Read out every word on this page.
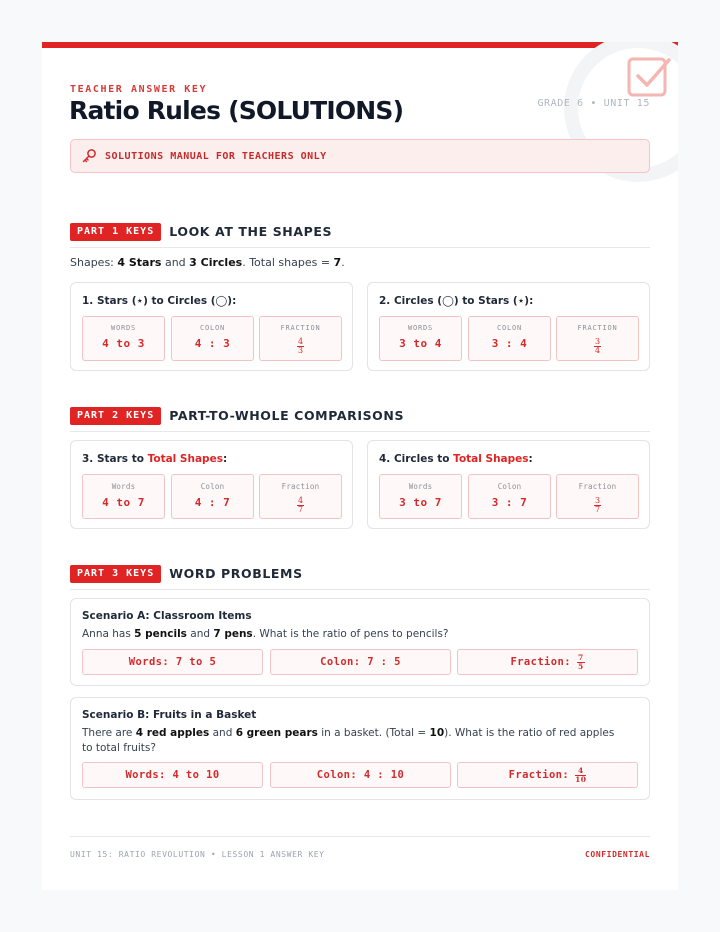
TEACHER ANSWER KEY
Ratio Rules (SOLUTIONS)	GRADE 6 • UNIT 15
SOLUTIONS MANUAL FOR TEACHERS ONLY
PART 1 KEYS	LOOK AT THE SHAPES
Shapes: 4 Stars and 3 Circles. Total shapes = 7.
1. Stars (⋆) to Circles (◯):
WORDS
4 to 3
COLON
4 : 3
FRACTION
$\frac{4}{3}$
2. Circles (◯) to Stars (⋆):
WORDS
3 to 4
COLON
3 : 4
FRACTION
$\frac{3}{4}$
PART 2 KEYS	PART-TO-WHOLE COMPARISONS
3. Stars to Total Shapes:
Words
4 to 7
Colon
4 : 7
Fraction
$\frac{4}{7}$
4. Circles to Total Shapes:
Words
3 to 7
Colon
3 : 7
Fraction
$\frac{3}{7}$
PART 3 KEYS	WORD PROBLEMS
Scenario A: Classroom Items
Anna has 5 pencils and 7 pens. What is the ratio of pens to pencils?
Words: 7 to 5	Colon: 7 : 5	Fraction: $\frac{7}{5}$
Scenario B: Fruits in a Basket
There are 4 red apples and 6 green pears in a basket. (Total = 10). What is the ratio of red apples to total fruits?
Words: 4 to 10	Colon: 4 : 10	Fraction: $\frac{4}{10}$
UNIT 15: RATIO REVOLUTION • LESSON 1 ANSWER KEY	CONFIDENTIAL
